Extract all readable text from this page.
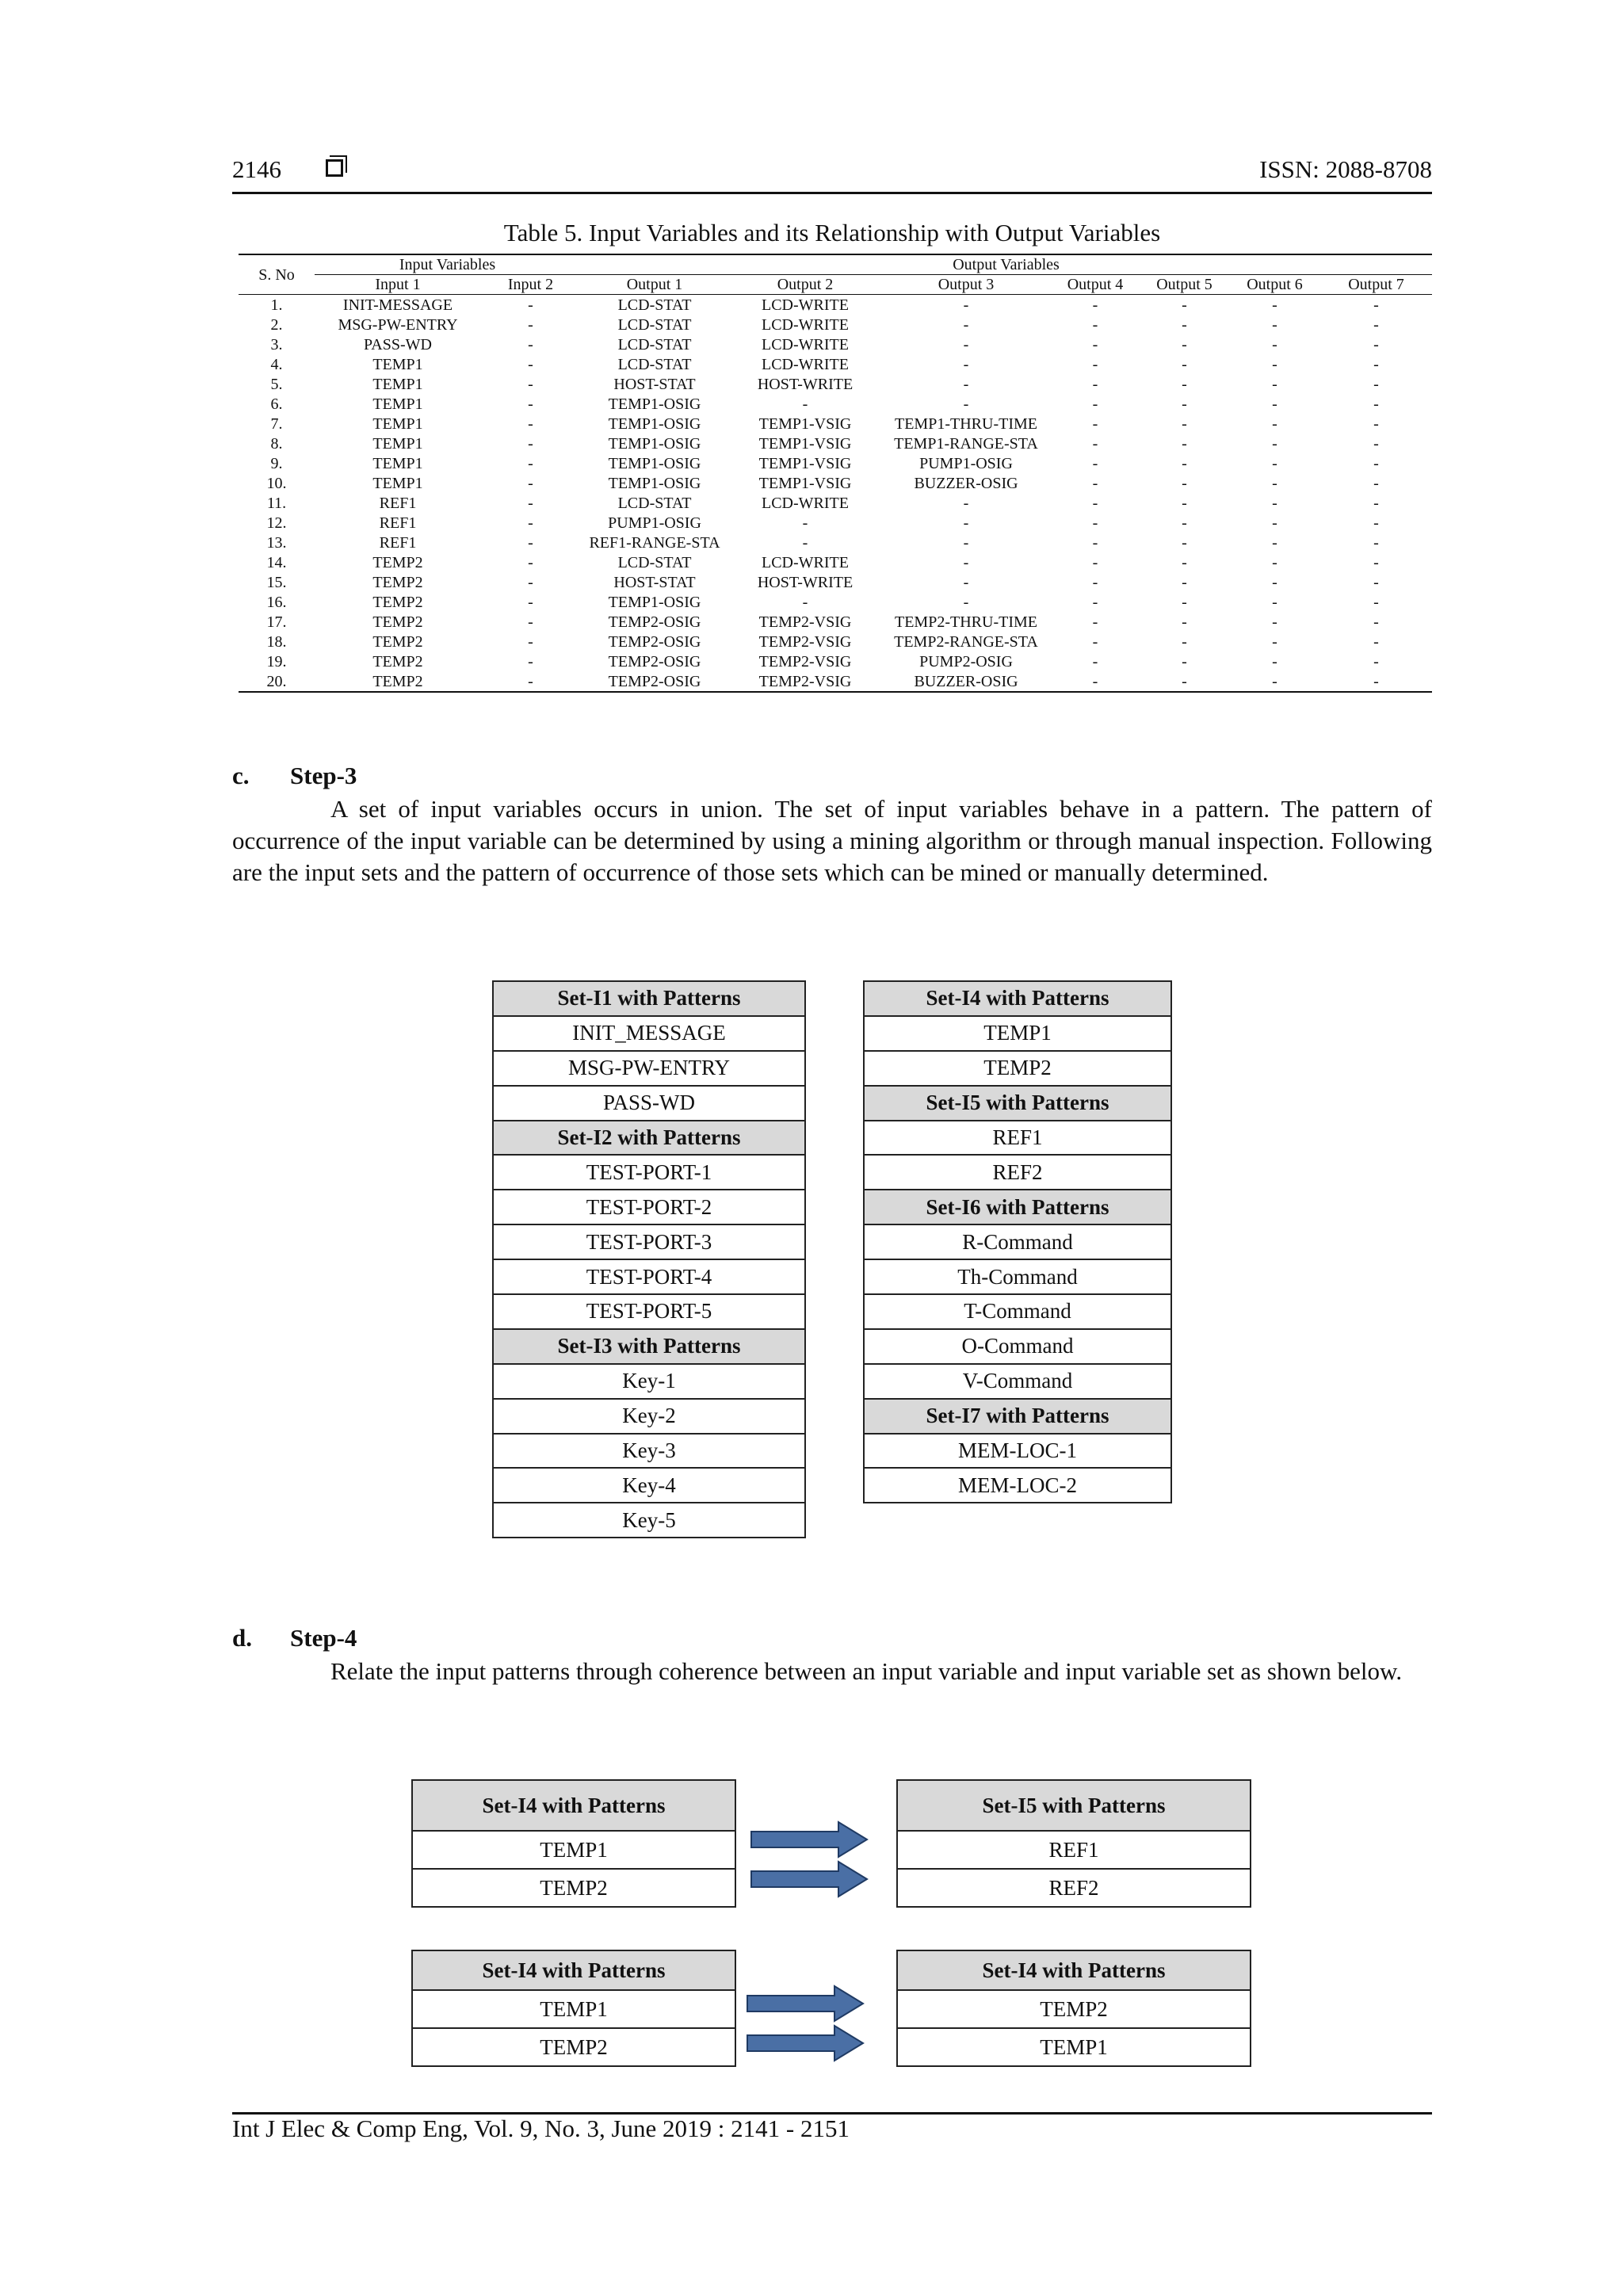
2146	ISSN: 2088-8708
Table 5. Input Variables and its Relationship with Output Variables
S. No	Input Variables		Output Variables						
	Input 1	Input 2	Output 1	Output 2	Output 3	Output 4	Output 5	Output 6	Output 7
1.	INIT-MESSAGE	-	LCD-STAT	LCD-WRITE	-	-	-	-	-
2.	MSG-PW-ENTRY	-	LCD-STAT	LCD-WRITE	-	-	-	-	-
3.	PASS-WD	-	LCD-STAT	LCD-WRITE	-	-	-	-	-
4.	TEMP1	-	LCD-STAT	LCD-WRITE	-	-	-	-	-
5.	TEMP1	-	HOST-STAT	HOST-WRITE	-	-	-	-	-
6.	TEMP1	-	TEMP1-OSIG	-	-	-	-	-	-
7.	TEMP1	-	TEMP1-OSIG	TEMP1-VSIG	TEMP1-THRU-TIME	-	-	-	-
8.	TEMP1	-	TEMP1-OSIG	TEMP1-VSIG	TEMP1-RANGE-STA	-	-	-	-
9.	TEMP1	-	TEMP1-OSIG	TEMP1-VSIG	PUMP1-OSIG	-	-	-	-
10.	TEMP1	-	TEMP1-OSIG	TEMP1-VSIG	BUZZER-OSIG	-	-	-	-
11.	REF1	-	LCD-STAT	LCD-WRITE	-	-	-	-	-
12.	REF1	-	PUMP1-OSIG	-	-	-	-	-	-
13.	REF1	-	REF1-RANGE-STA	-	-	-	-	-	-
14.	TEMP2	-	LCD-STAT	LCD-WRITE	-	-	-	-	-
15.	TEMP2	-	HOST-STAT	HOST-WRITE	-	-	-	-	-
16.	TEMP2	-	TEMP1-OSIG	-	-	-	-	-	-
17.	TEMP2	-	TEMP2-OSIG	TEMP2-VSIG	TEMP2-THRU-TIME	-	-	-	-
18.	TEMP2	-	TEMP2-OSIG	TEMP2-VSIG	TEMP2-RANGE-STA	-	-	-	-
19.	TEMP2	-	TEMP2-OSIG	TEMP2-VSIG	PUMP2-OSIG	-	-	-	-
20.	TEMP2	-	TEMP2-OSIG	TEMP2-VSIG	BUZZER-OSIG	-	-	-	-
c. Step-3
A set of input variables occurs in union. The set of input variables behave in a pattern. The pattern of occurrence of the input variable can be determined by using a mining algorithm or through manual inspection. Following are the input sets and the pattern of occurrence of those sets which can be mined or manually determined.
Set-I1 with Patterns
INIT_MESSAGE
MSG-PW-ENTRY
PASS-WD
Set-I2 with Patterns
TEST-PORT-1
TEST-PORT-2
TEST-PORT-3
TEST-PORT-4
TEST-PORT-5
Set-I3 with Patterns
Key-1
Key-2
Key-3
Key-4
Key-5
Set-I4 with Patterns
TEMP1
TEMP2
Set-I5 with Patterns
REF1
REF2
Set-I6 with Patterns
R-Command
Th-Command
T-Command
O-Command
V-Command
Set-I7 with Patterns
MEM-LOC-1
MEM-LOC-2
d. Step-4
Relate the input patterns through coherence between an input variable and input variable set as shown below.
Set-I4 with Patterns
TEMP1
TEMP2
Set-I5 with Patterns
REF1
REF2
Set-I4 with Patterns
TEMP1
TEMP2
Set-I4 with Patterns
TEMP2
TEMP1
Int J Elec & Comp Eng, Vol. 9, No. 3, June 2019 : 2141 - 2151
